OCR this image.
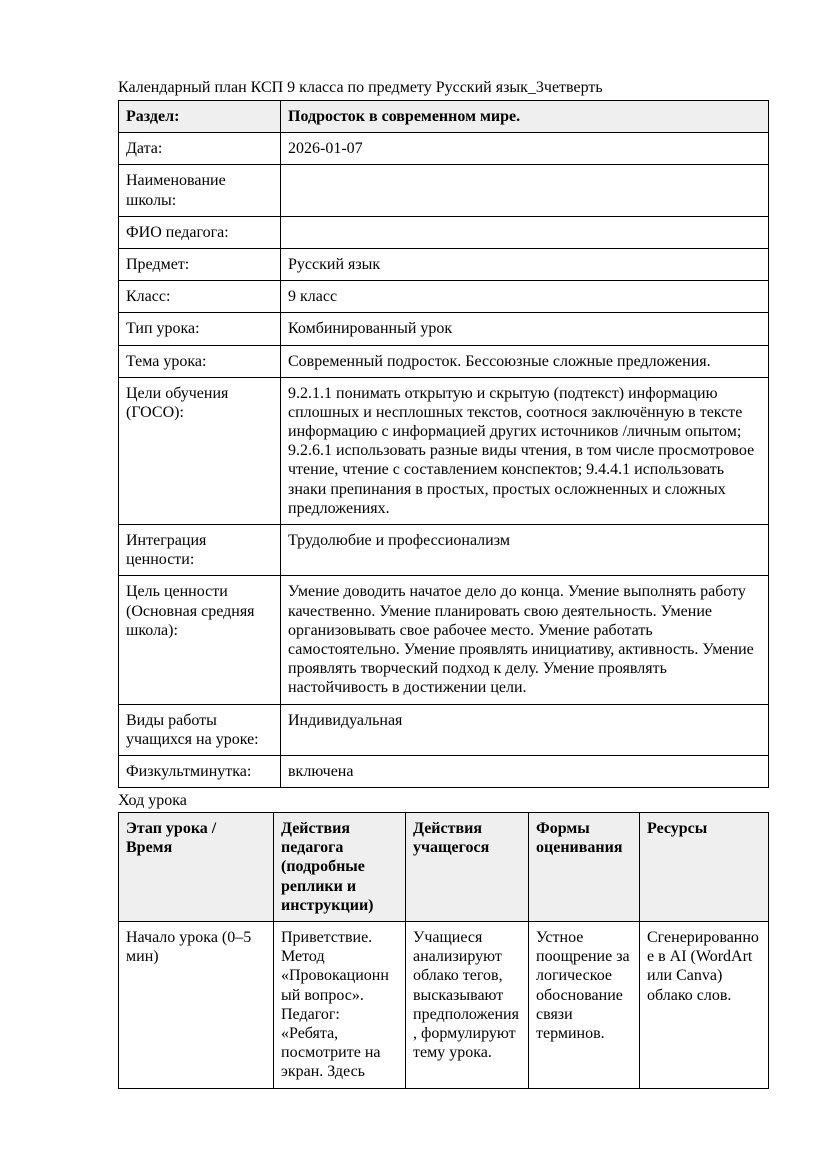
Календарный план КСП 9 класса по предмету Русский язык_3четверть
Раздел:	Подросток в современном мире.
Дата:	2026-01-07
Наименование школы:	
ФИО педагога:	
Предмет:	Русский язык
Класс:	9 класс
Тип урока:	Комбинированный урок
Тема урока:	Современный подросток. Бессоюзные сложные предложения.
Цели обучения (ГОСО):	9.2.1.1 понимать открытую и скрытую (подтекст) информацию сплошных и несплошных текстов, соотнося заключённую в тексте информацию с информацией других источников /личным опытом; 9.2.6.1 использовать разные виды чтения, в том числе просмотровое чтение, чтение с составлением конспектов; 9.4.4.1 использовать знаки препинания в простых, простых осложненных и сложных предложениях.
Интеграция ценности:	Трудолюбие и профессионализм
Цель ценности (Основная средняя школа):	Умение доводить начатое дело до конца. Умение выполнять работу качественно. Умение планировать свою деятельность. Умение организовывать свое рабочее место. Умение работать самостоятельно. Умение проявлять инициативу, активность. Умение проявлять творческий подход к делу. Умение проявлять настойчивость в достижении цели.
Виды работы учащихся на уроке:	Индивидуальная
Физкультминутка:	включена
Ход урока
Этап урока / Время	Действия педагога (подробные реплики и инструкции)	Действия учащегося	Формы оценивания	Ресурсы
Начало урока (0–5 мин)	Приветствие. Метод «Провокационный вопрос». Педагог: «Ребята, посмотрите на экран. Здесь	Учащиеся анализируют облако тегов, высказывают предположения, формулируют тему урока.	Устное поощрение за логическое обоснование связи терминов.	Сгенерированное в AI (WordArt или Canva) облако слов.
